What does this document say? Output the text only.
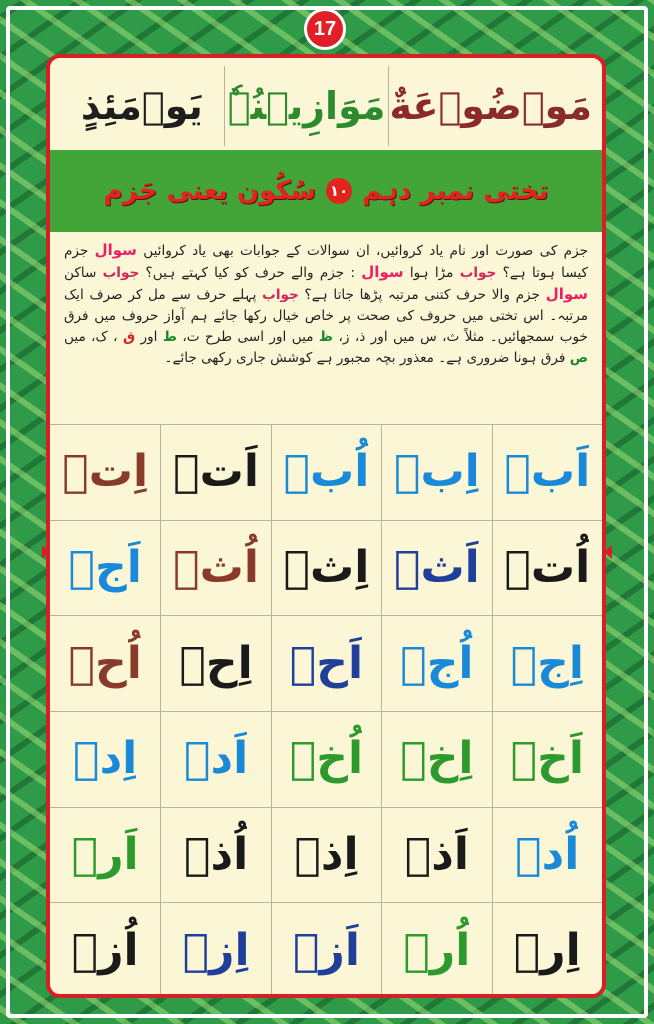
17
مَوۡضُوۡعَةٌ
مَوَازِیۡنُہٗ
یَوۡمَئِذٍ
تختی نمبر دہم
۱۰
سُکُون یعنی جَزم
جزم کی صورت اور نام یاد کروائیں، ان سوالات کے جوابات بھی یاد کروائیں سوال جزم کیسا ہوتا ہے؟ جواب مڑا ہوا سوال : جزم والے حرف کو کیا کہتے ہیں؟ جواب ساکن سوال جزم والا حرف کتنی مرتبہ پڑھا جاتا ہے؟ جواب پہلے حرف سے مل کر صرف ایک مرتبہ۔ اس تختی میں حروف کی صحت پر خاص خیال رکھا جائے ہم آواز حروف میں فرق خوب سمجھائیں۔ مثلاً ث، س میں اور ذ، ز، ظ میں اور اسی طرح ت، ط اور ق ، ک، میں ص فرق ہونا ضروری ہے۔ معذور بچہ مجبور ہے کوشش جاری رکھی جائے۔
اَبۡ
اِبۡ
اُبۡ
اَتۡ
اِتۡ
اُتۡ
اَثۡ
اِثۡ
اُثۡ
اَجۡ
اِجۡ
اُجۡ
اَحۡ
اِحۡ
اُحۡ
اَخۡ
اِخۡ
اُخۡ
اَدۡ
اِدۡ
اُدۡ
اَذۡ
اِذۡ
اُذۡ
اَرۡ
اِرۡ
اُرۡ
اَزۡ
اِزۡ
اُزۡ
